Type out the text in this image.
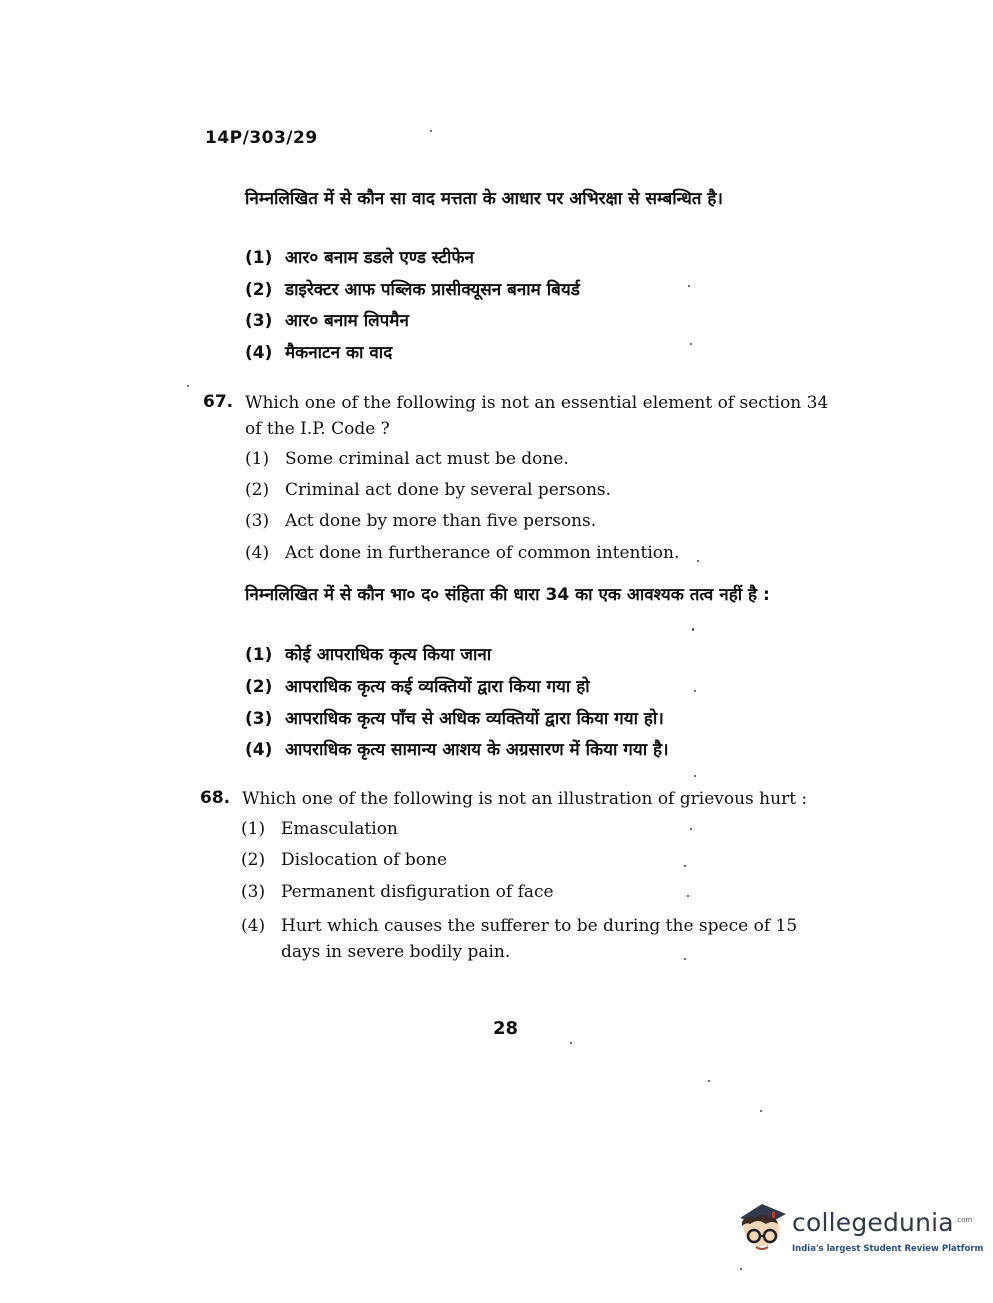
14P/303/29
निम्नलिखित में से कौन सा वाद मत्तता के आधार पर अभिरक्षा से सम्बन्धित है।
(1) आर० बनाम डडले एण्ड स्टीफेन
(2) डाइरेक्टर आफ पब्लिक प्रासीक्यूसन बनाम बियर्ड
(3) आर० बनाम लिपमैन
(4) मैकनाटन का वाद
67. Which one of the following is not an essential element of section 34 of the I.P. Code ?
(1) Some criminal act must be done.
(2) Criminal act done by several persons.
(3) Act done by more than five persons.
(4) Act done in furtherance of common intention.
निम्नलिखित में से कौन भा० द० संहिता की धारा 34 का एक आवश्यक तत्व नहीं है :
(1) कोई आपराधिक कृत्य किया जाना
(2) आपराधिक कृत्य कई व्यक्तियों द्वारा किया गया हो
(3) आपराधिक कृत्य पाँच से अधिक व्यक्तियों द्वारा किया गया हो।
(4) आपराधिक कृत्य सामान्य आशय के अग्रसारण में किया गया है।
68. Which one of the following is not an illustration of grievous hurt :
(1) Emasculation
(2) Dislocation of bone
(3) Permanent disfiguration of face
(4) Hurt which causes the sufferer to be during the spece of 15 days in severe bodily pain.
28
collegedunia .com
India's largest Student Review Platform
